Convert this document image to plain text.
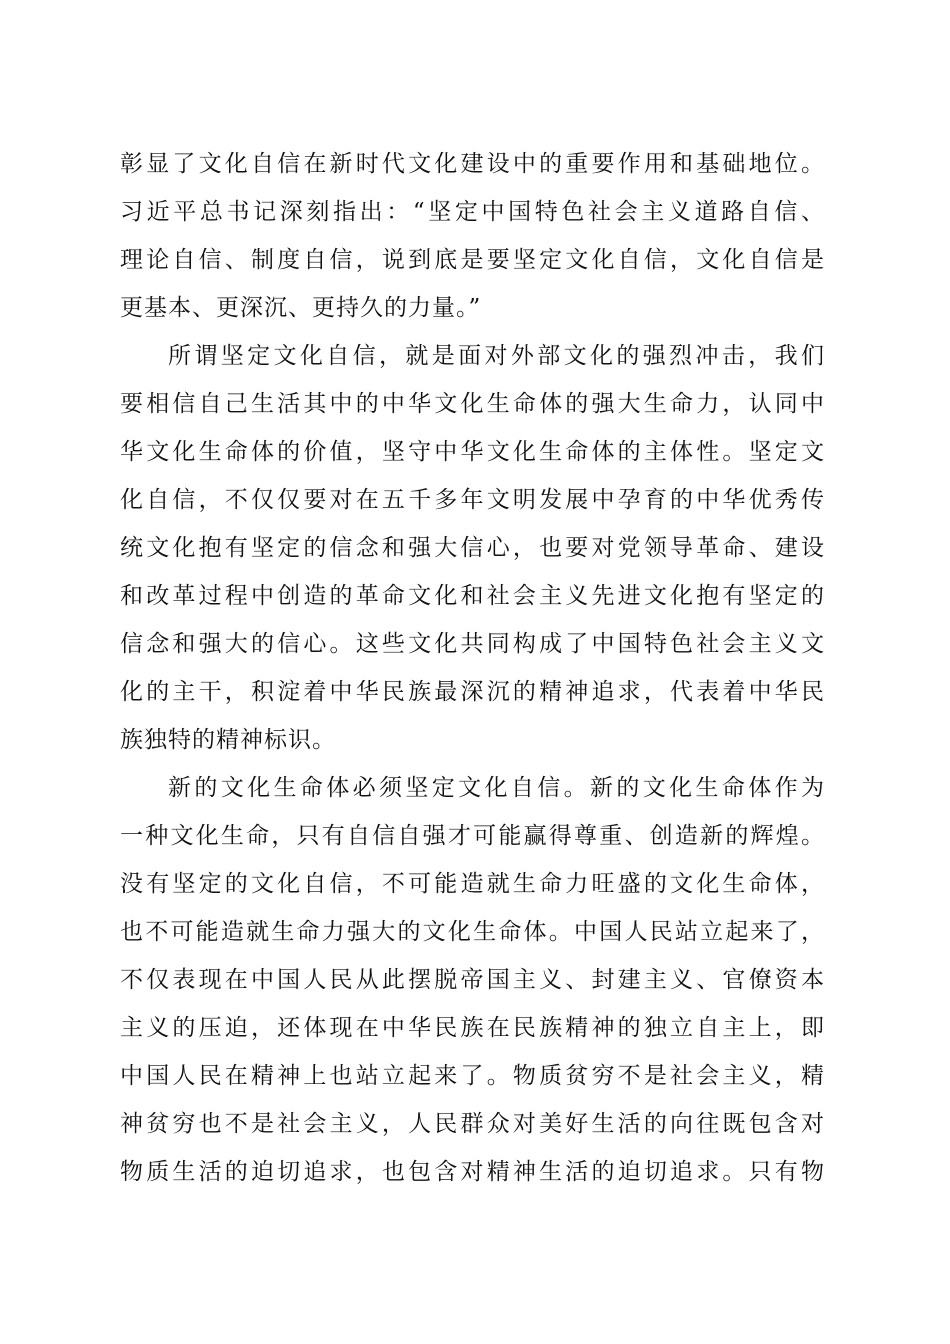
彰显了文化自信在新时代文化建设中的重要作用和基础地位。
习近平总书记深刻指出：“坚定中国特色社会主义道路自信、
理论自信、制度自信，说到底是要坚定文化自信，文化自信是
更基本、更深沉、更持久的力量。”
所谓坚定文化自信，就是面对外部文化的强烈冲击，我们
要相信自己生活其中的中华文化生命体的强大生命力，认同中
华文化生命体的价值，坚守中华文化生命体的主体性。坚定文
化自信，不仅仅要对在五千多年文明发展中孕育的中华优秀传
统文化抱有坚定的信念和强大信心，也要对党领导革命、建设
和改革过程中创造的革命文化和社会主义先进文化抱有坚定的
信念和强大的信心。这些文化共同构成了中国特色社会主义文
化的主干，积淀着中华民族最深沉的精神追求，代表着中华民
族独特的精神标识。
新的文化生命体必须坚定文化自信。新的文化生命体作为
一种文化生命，只有自信自强才可能赢得尊重、创造新的辉煌。
没有坚定的文化自信，不可能造就生命力旺盛的文化生命体，
也不可能造就生命力强大的文化生命体。中国人民站立起来了，
不仅表现在中国人民从此摆脱帝国主义、封建主义、官僚资本
主义的压迫，还体现在中华民族在民族精神的独立自主上，即
中国人民在精神上也站立起来了。物质贫穷不是社会主义，精
神贫穷也不是社会主义，人民群众对美好生活的向往既包含对
物质生活的迫切追求，也包含对精神生活的迫切追求。只有物
